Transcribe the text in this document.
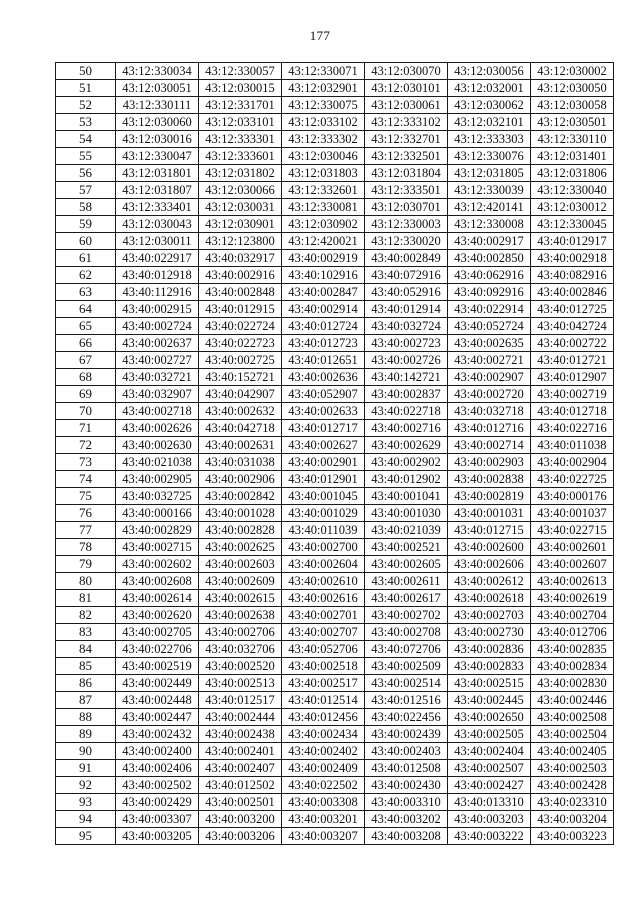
177
50	43:12:330034	43:12:330057	43:12:330071	43:12:030070	43:12:030056	43:12:030002
51	43:12:030051	43:12:030015	43:12:032901	43:12:030101	43:12:032001	43:12:030050
52	43:12:330111	43:12:331701	43:12:330075	43:12:030061	43:12:030062	43:12:030058
53	43:12:030060	43:12:033101	43:12:033102	43:12:333102	43:12:032101	43:12:030501
54	43:12:030016	43:12:333301	43:12:333302	43:12:332701	43:12:333303	43:12:330110
55	43:12:330047	43:12:333601	43:12:030046	43:12:332501	43:12:330076	43:12:031401
56	43:12:031801	43:12:031802	43:12:031803	43:12:031804	43:12:031805	43:12:031806
57	43:12:031807	43:12:030066	43:12:332601	43:12:333501	43:12:330039	43:12:330040
58	43:12:333401	43:12:030031	43:12:330081	43:12:030701	43:12:420141	43:12:030012
59	43:12:030043	43:12:030901	43:12:030902	43:12:330003	43:12:330008	43:12:330045
60	43:12:030011	43:12:123800	43:12:420021	43:12:330020	43:40:002917	43:40:012917
61	43:40:022917	43:40:032917	43:40:002919	43:40:002849	43:40:002850	43:40:002918
62	43:40:012918	43:40:002916	43:40:102916	43:40:072916	43:40:062916	43:40:082916
63	43:40:112916	43:40:002848	43:40:002847	43:40:052916	43:40:092916	43:40:002846
64	43:40:002915	43:40:012915	43:40:002914	43:40:012914	43:40:022914	43:40:012725
65	43:40:002724	43:40:022724	43:40:012724	43:40:032724	43:40:052724	43:40:042724
66	43:40:002637	43:40:022723	43:40:012723	43:40:002723	43:40:002635	43:40:002722
67	43:40:002727	43:40:002725	43:40:012651	43:40:002726	43:40:002721	43:40:012721
68	43:40:032721	43:40:152721	43:40:002636	43:40:142721	43:40:002907	43:40:012907
69	43:40:032907	43:40:042907	43:40:052907	43:40:002837	43:40:002720	43:40:002719
70	43:40:002718	43:40:002632	43:40:002633	43:40:022718	43:40:032718	43:40:012718
71	43:40:002626	43:40:042718	43:40:012717	43:40:002716	43:40:012716	43:40:022716
72	43:40:002630	43:40:002631	43:40:002627	43:40:002629	43:40:002714	43:40:011038
73	43:40:021038	43:40:031038	43:40:002901	43:40:002902	43:40:002903	43:40:002904
74	43:40:002905	43:40:002906	43:40:012901	43:40:012902	43:40:002838	43:40:022725
75	43:40:032725	43:40:002842	43:40:001045	43:40:001041	43:40:002819	43:40:000176
76	43:40:000166	43:40:001028	43:40:001029	43:40:001030	43:40:001031	43:40:001037
77	43:40:002829	43:40:002828	43:40:011039	43:40:021039	43:40:012715	43:40:022715
78	43:40:002715	43:40:002625	43:40:002700	43:40:002521	43:40:002600	43:40:002601
79	43:40:002602	43:40:002603	43:40:002604	43:40:002605	43:40:002606	43:40:002607
80	43:40:002608	43:40:002609	43:40:002610	43:40:002611	43:40:002612	43:40:002613
81	43:40:002614	43:40:002615	43:40:002616	43:40:002617	43:40:002618	43:40:002619
82	43:40:002620	43:40:002638	43:40:002701	43:40:002702	43:40:002703	43:40:002704
83	43:40:002705	43:40:002706	43:40:002707	43:40:002708	43:40:002730	43:40:012706
84	43:40:022706	43:40:032706	43:40:052706	43:40:072706	43:40:002836	43:40:002835
85	43:40:002519	43:40:002520	43:40:002518	43:40:002509	43:40:002833	43:40:002834
86	43:40:002449	43:40:002513	43:40:002517	43:40:002514	43:40:002515	43:40:002830
87	43:40:002448	43:40:012517	43:40:012514	43:40:012516	43:40:002445	43:40:002446
88	43:40:002447	43:40:002444	43:40:012456	43:40:022456	43:40:002650	43:40:002508
89	43:40:002432	43:40:002438	43:40:002434	43:40:002439	43:40:002505	43:40:002504
90	43:40:002400	43:40:002401	43:40:002402	43:40:002403	43:40:002404	43:40:002405
91	43:40:002406	43:40:002407	43:40:002409	43:40:012508	43:40:002507	43:40:002503
92	43:40:002502	43:40:012502	43:40:022502	43:40:002430	43:40:002427	43:40:002428
93	43:40:002429	43:40:002501	43:40:003308	43:40:003310	43:40:013310	43:40:023310
94	43:40:003307	43:40:003200	43:40:003201	43:40:003202	43:40:003203	43:40:003204
95	43:40:003205	43:40:003206	43:40:003207	43:40:003208	43:40:003222	43:40:003223
